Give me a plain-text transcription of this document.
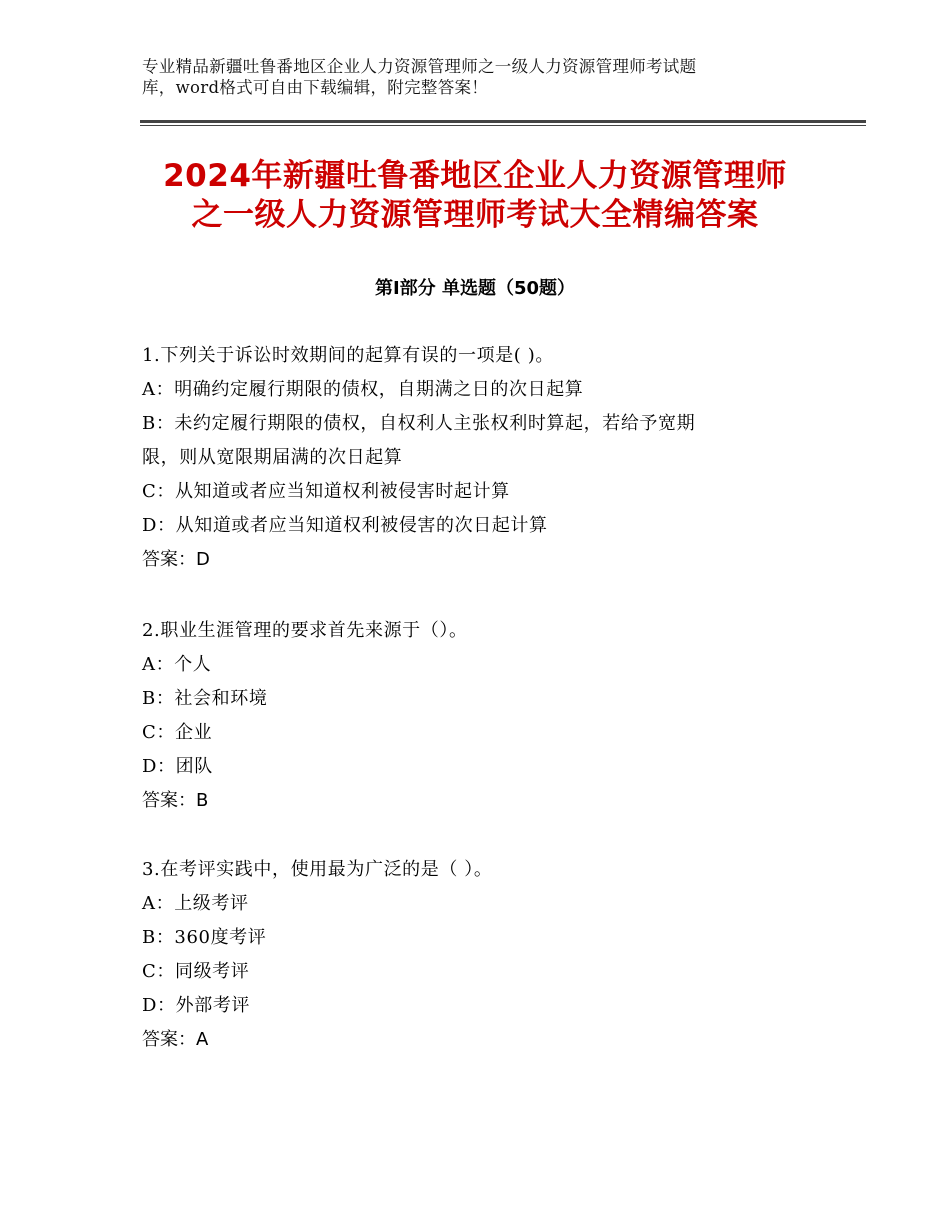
专业精品新疆吐鲁番地区企业人力资源管理师之一级人力资源管理师考试题
库，word格式可自由下载编辑，附完整答案！
2024年新疆吐鲁番地区企业人力资源管理师
之一级人力资源管理师考试大全精编答案
第Ⅰ部分 单选题（50题）
1.下列关于诉讼时效期间的起算有误的一项是( )。
A：明确约定履行期限的债权，自期满之日的次日起算
B：未约定履行期限的债权，自权利人主张权利时算起，若给予宽期
限，则从宽限期届满的次日起算
C：从知道或者应当知道权利被侵害时起计算
D：从知道或者应当知道权利被侵害的次日起计算
答案：D
2.职业生涯管理的要求首先来源于（）。
A：个人
B：社会和环境
C：企业
D：团队
答案：B
3.在考评实践中，使用最为广泛的是（ ）。
A：上级考评
B：360度考评
C：同级考评
D：外部考评
答案：A
